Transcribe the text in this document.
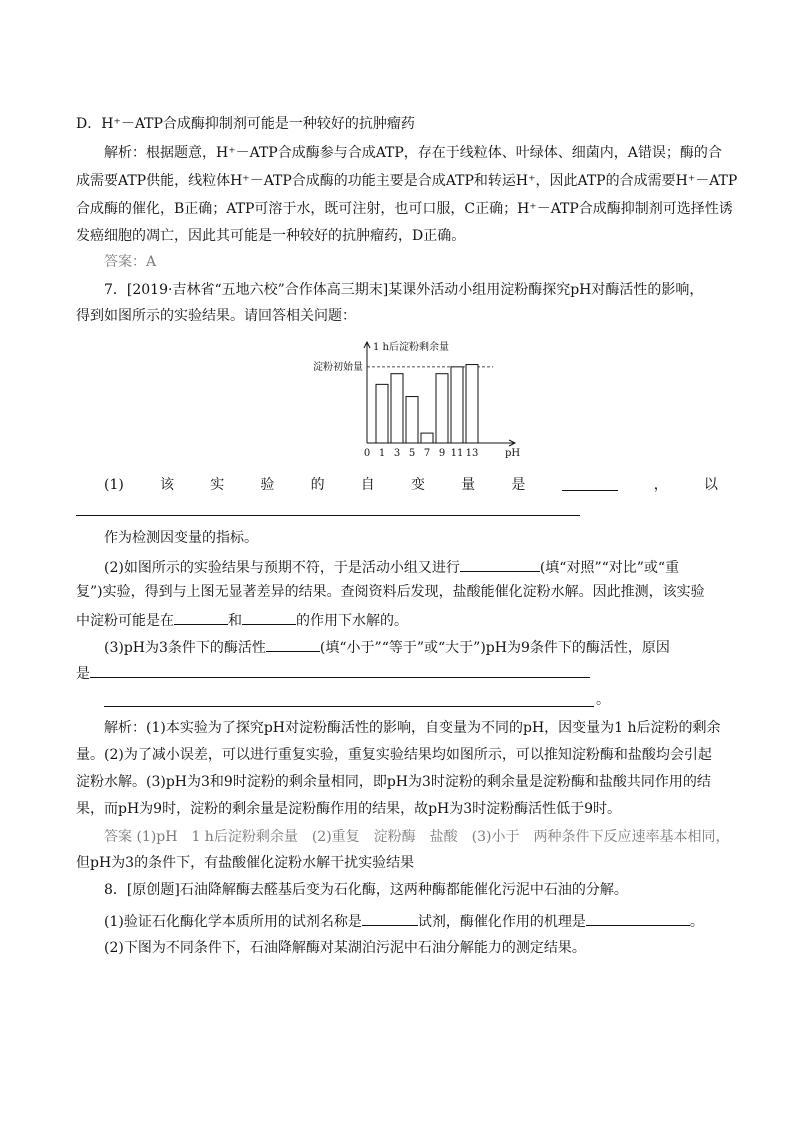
D．H⁺－ATP合成酶抑制剂可能是一种较好的抗肿瘤药
解析：根据题意，H⁺－ATP合成酶参与合成ATP，存在于线粒体、叶绿体、细菌内，A错误；酶的合
成需要ATP供能，线粒体H⁺－ATP合成酶的功能主要是合成ATP和转运H⁺，因此ATP的合成需要H⁺－ATP
合成酶的催化，B正确；ATP可溶于水，既可注射，也可口服，C正确；H⁺－ATP合成酶抑制剂可选择性诱
发癌细胞的凋亡，因此其可能是一种较好的抗肿瘤药，D正确。
答案：A
7．[2019·吉林省“五地六校”合作体高三期末]某课外活动小组用淀粉酶探究pH对酶活性的影响，
得到如图所示的实验结果。请回答相关问题：
1 h后淀粉剩余量
pH
淀粉初始量
0 1 3 5 7 9 11 13
(1)	该	实	验	的	自	变	量	是	，	以
作为检测因变量的指标。
(2)如图所示的实验结果与预期不符，于是活动小组又进行	(填“对照”“对比”或“重
复”)实验，得到与上图无显著差异的结果。查阅资料后发现，盐酸能催化淀粉水解。因此推测，该实验
中淀粉可能是在	和	的作用下水解的。
(3)pH为3条件下的酶活性	(填“小于”“等于”或“大于”)pH为9条件下的酶活性，原因
是
。
解析：(1)本实验为了探究pH对淀粉酶活性的影响，自变量为不同的pH，因变量为1 h后淀粉的剩余
量。(2)为了减小误差，可以进行重复实验，重复实验结果均如图所示，可以推知淀粉酶和盐酸均会引起
淀粉水解。(3)pH为3和9时淀粉的剩余量相同，即pH为3时淀粉的剩余量是淀粉酶和盐酸共同作用的结
果，而pH为9时，淀粉的剩余量是淀粉酶作用的结果，故pH为3时淀粉酶活性低于9时。
答案 (1)pH　1 h后淀粉剩余量　(2)重复　淀粉酶　盐酸　(3)小于　两种条件下反应速率基本相同，
但pH为3的条件下，有盐酸催化淀粉水解干扰实验结果
8．[原创题]石油降解酶去醛基后变为石化酶，这两种酶都能催化污泥中石油的分解。
(1)验证石化酶化学本质所用的试剂名称是	试剂，酶催化作用的机理是	。
(2)下图为不同条件下，石油降解酶对某湖泊污泥中石油分解能力的测定结果。
